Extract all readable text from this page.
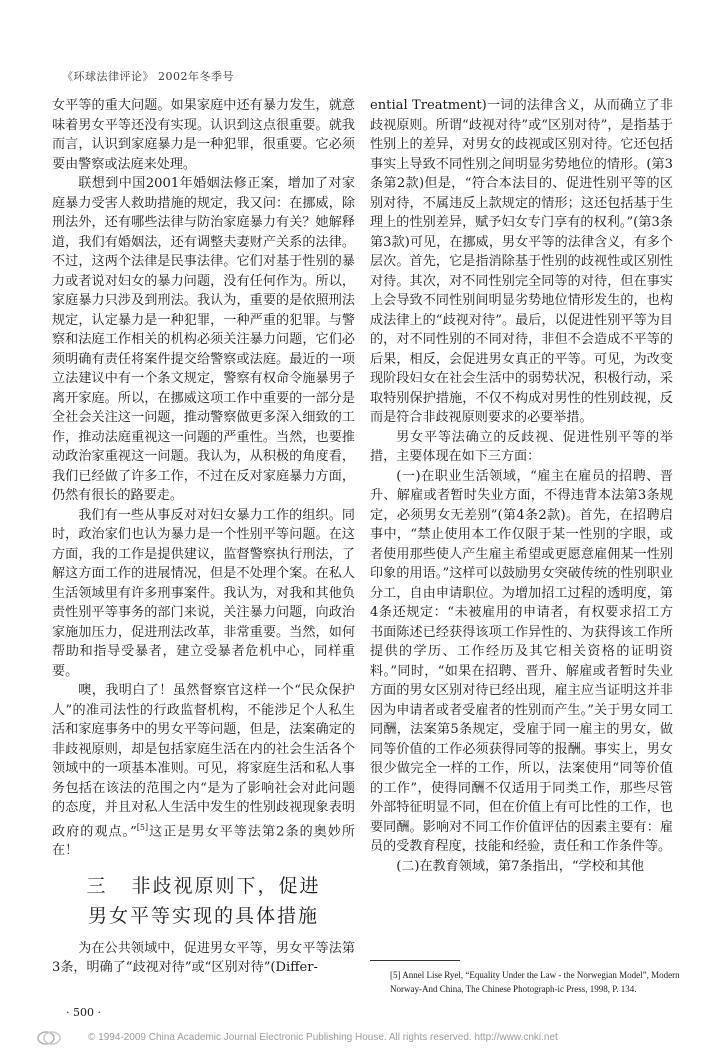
《环球法律评论》 2002年冬季号

女平等的重大问题。如果家庭中还有暴力发生，就意味着男女平等还没有实现。认识到这点很重要。就我而言，认识到家庭暴力是一种犯罪，很重要。它必须要由警察或法庭来处理。

联想到中国2001年婚姻法修正案，增加了对家庭暴力受害人救助措施的规定，我又问：在挪威，除刑法外，还有哪些法律与防治家庭暴力有关？她解释道，我们有婚姻法，还有调整夫妻财产关系的法律。不过，这两个法律是民事法律。它们对基于性别的暴力或者说对妇女的暴力问题，没有任何作为。所以，家庭暴力只涉及到刑法。我认为，重要的是依照刑法规定，认定暴力是一种犯罪，一种严重的犯罪。与警察和法庭工作相关的机构必须关注暴力问题，它们必须明确有责任将案件提交给警察或法庭。最近的一项立法建议中有一个条文规定，警察有权命令施暴男子离开家庭。所以，在挪威这项工作中重要的一部分是全社会关注这一问题，推动警察做更多深入细致的工作，推动法庭重视这一问题的严重性。当然，也要推动政治家重视这一问题。我认为，从积极的角度看，我们已经做了许多工作，不过在反对家庭暴力方面，仍然有很长的路要走。

我们有一些从事反对对妇女暴力工作的组织。同时，政治家们也认为暴力是一个性别平等问题。在这方面，我的工作是提供建议，监督警察执行刑法，了解这方面工作的进展情况，但是不处理个案。在私人生活领域里有许多刑事案件。我认为，对我和其他负责性别平等事务的部门来说，关注暴力问题，向政治家施加压力，促进刑法改革，非常重要。当然，如何帮助和指导受暴者，建立受暴者危机中心，同样重要。

噢，我明白了！虽然督察官这样一个“民众保护人”的准司法性的行政监督机构，不能涉足个人私生活和家庭事务中的男女平等问题，但是，法案确定的非歧视原则，却是包括家庭生活在内的社会生活各个领域中的一项基本准则。可见，将家庭生活和私人事务包括在该法的范围之内“是为了影响社会对此问题的态度，并且对私人生活中发生的性别歧视现象表明政府的观点。”[5]这正是男女平等法第2条的奥妙所在！

三   非歧视原则下，促进
男女平等实现的具体措施

为在公共领域中，促进男女平等，男女平等法第3条，明确了“歧视对待”或“区别对待”(Differ-

ential Treatment)一词的法律含义，从而确立了非歧视原则。所谓“歧视对待”或“区别对待”，是指基于性别上的差异，对男女的歧视或区别对待。它还包括事实上导致不同性别之间明显劣势地位的情形。(第3条第2款)但是，“符合本法目的、促进性别平等的区别对待，不属违反上款规定的情形；这还包括基于生理上的性别差异，赋予妇女专门享有的权利。”(第3条第3款)可见，在挪威，男女平等的法律含义，有多个层次。首先，它是指消除基于性别的歧视性或区别性对待。其次，对不同性别完全同等的对待，但在事实上会导致不同性别间明显劣势地位情形发生的，也构成法律上的“歧视对待”。最后，以促进性别平等为目的，对不同性别的不同对待，非但不会造成不平等的后果，相反，会促进男女真正的平等。可见，为改变现阶段妇女在社会生活中的弱势状况，积极行动，采取特别保护措施，不仅不构成对男性的性别歧视，反而是符合非歧视原则要求的必要举措。

男女平等法确立的反歧视、促进性别平等的举措，主要体现在如下三方面：

(一)在职业生活领域，“雇主在雇员的招聘、晋升、解雇或者暂时失业方面，不得违背本法第3条规定，必须男女无差别”(第4条2款)。首先，在招聘启事中，“禁止使用本工作仅限于某一性别的字眼，或者使用那些使人产生雇主希望或更愿意雇佣某一性别印象的用语。”这样可以鼓励男女突破传统的性别职业分工，自由申请职位。为增加招工过程的透明度，第4条还规定：“未被雇用的申请者，有权要求招工方书面陈述已经获得该项工作异性的、为获得该工作所提供的学历、工作经历及其它相关资格的证明资料。”同时，“如果在招聘、晋升、解雇或者暂时失业方面的男女区别对待已经出现，雇主应当证明这并非因为申请者或者受雇者的性别而产生。”关于男女同工同酬，法案第5条规定，受雇于同一雇主的男女，做同等价值的工作必须获得同等的报酬。事实上，男女很少做完全一样的工作，所以，法案使用“同等价值的工作”，使得同酬不仅适用于同类工作，那些尽管外部特征明显不同，但在价值上有可比性的工作，也要同酬。影响对不同工作价值评估的因素主要有：雇员的受教育程度，技能和经验，责任和工作条件等。

(二)在教育领域，第7条指出，“学校和其他

[5] Annel Lise Ryel, “Equality Under the Law - the Norwegian Model”, Modern Norway-And China, The Chinese Photograph-ic Press, 1998, P. 134.
· 500 ·
© 1994-2009 China Academic Journal Electronic Publishing House. All rights reserved. http://www.cnki.net
